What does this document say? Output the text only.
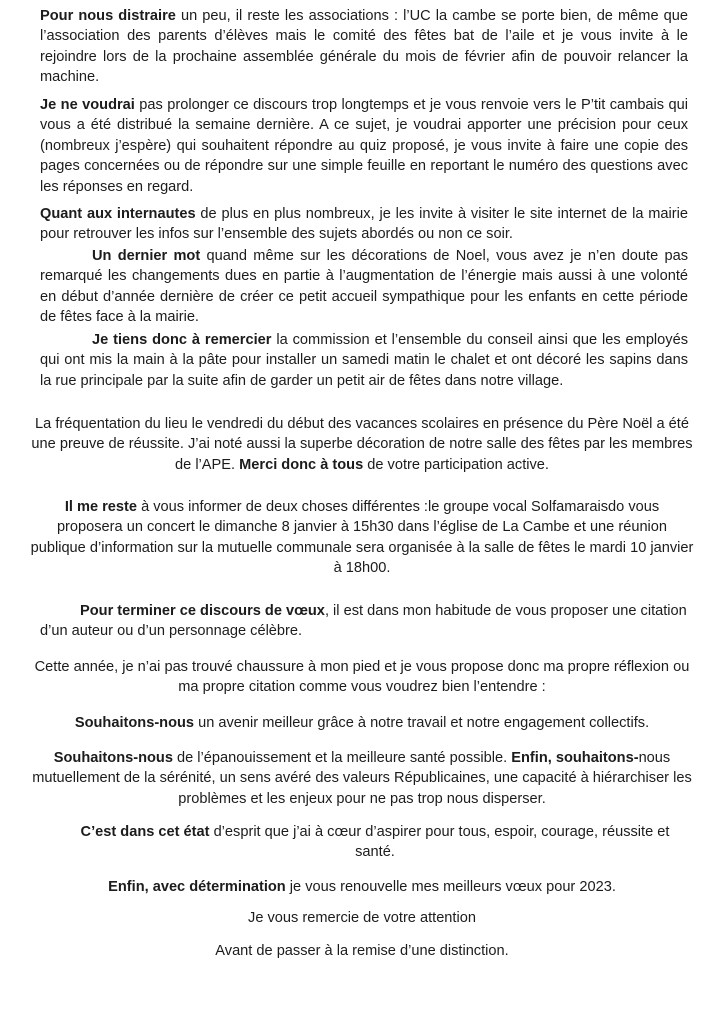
Pour nous distraire un peu, il reste les associations : l’UC la cambe se porte bien, de même que l’association des parents d’élèves mais le comité des fêtes bat de l’aile et je vous invite à le rejoindre lors de la prochaine assemblée générale du mois de février afin de pouvoir relancer la machine.

Je ne voudrai pas prolonger ce discours trop longtemps et je vous renvoie vers le P’tit cambais qui vous a été distribué la semaine dernière. A ce sujet, je voudrai apporter une précision pour ceux (nombreux j’espère) qui souhaitent répondre au quiz proposé, je vous invite à faire une copie des pages concernées ou de répondre sur une simple feuille en reportant le numéro des questions avec les réponses en regard.

Quant aux internautes de plus en plus nombreux, je les invite à visiter le site internet de la mairie pour retrouver les infos sur l’ensemble des sujets abordés ou non ce soir.

Un dernier mot quand même sur les décorations de Noel, vous avez je n’en doute pas remarqué les changements dues en partie à l’augmentation de l’énergie mais aussi à une volonté en début d’année dernière de créer ce petit accueil sympathique pour les enfants en cette période de fêtes face à la mairie.

Je tiens donc à remercier la commission et l’ensemble du conseil ainsi que les employés qui ont mis la main à la pâte pour installer un samedi matin le chalet et ont décoré les sapins dans la rue principale par la suite afin de garder un petit air de fêtes dans notre village.

La fréquentation du lieu le vendredi du début des vacances scolaires en présence du Père Noël a été une preuve de réussite. J’ai noté aussi la superbe décoration de notre salle des fêtes par les membres de l’APE. Merci donc à tous de votre participation active.

Il me reste à vous informer de deux choses différentes :le groupe vocal Solfamaraisdo vous proposera un concert le dimanche 8 janvier à 15h30 dans l’église de La Cambe et une réunion publique d’information sur la mutuelle communale sera organisée à la salle de fêtes le mardi 10 janvier à 18h00.

Pour terminer ce discours de vœux, il est dans mon habitude de vous proposer une citation d’un auteur ou d’un personnage célèbre.

Cette année, je n’ai pas trouvé chaussure à mon pied et je vous propose donc ma propre réflexion ou ma propre citation comme vous voudrez bien l’entendre :

Souhaitons-nous un avenir meilleur grâce à notre travail et notre engagement collectifs.

Souhaitons-nous de l’épanouissement et la meilleure santé possible. Enfin, souhaitons-nous mutuellement de la sérénité, un sens avéré des valeurs Républicaines, une capacité à hiérarchiser les problèmes et les enjeux pour ne pas trop nous disperser.

C’est dans cet état d’esprit que j’ai à cœur d’aspirer pour tous, espoir, courage, réussite et santé.

Enfin, avec détermination je vous renouvelle mes meilleurs vœux pour 2023.

Je vous remercie de votre attention

Avant de passer à la remise d’une distinction.
